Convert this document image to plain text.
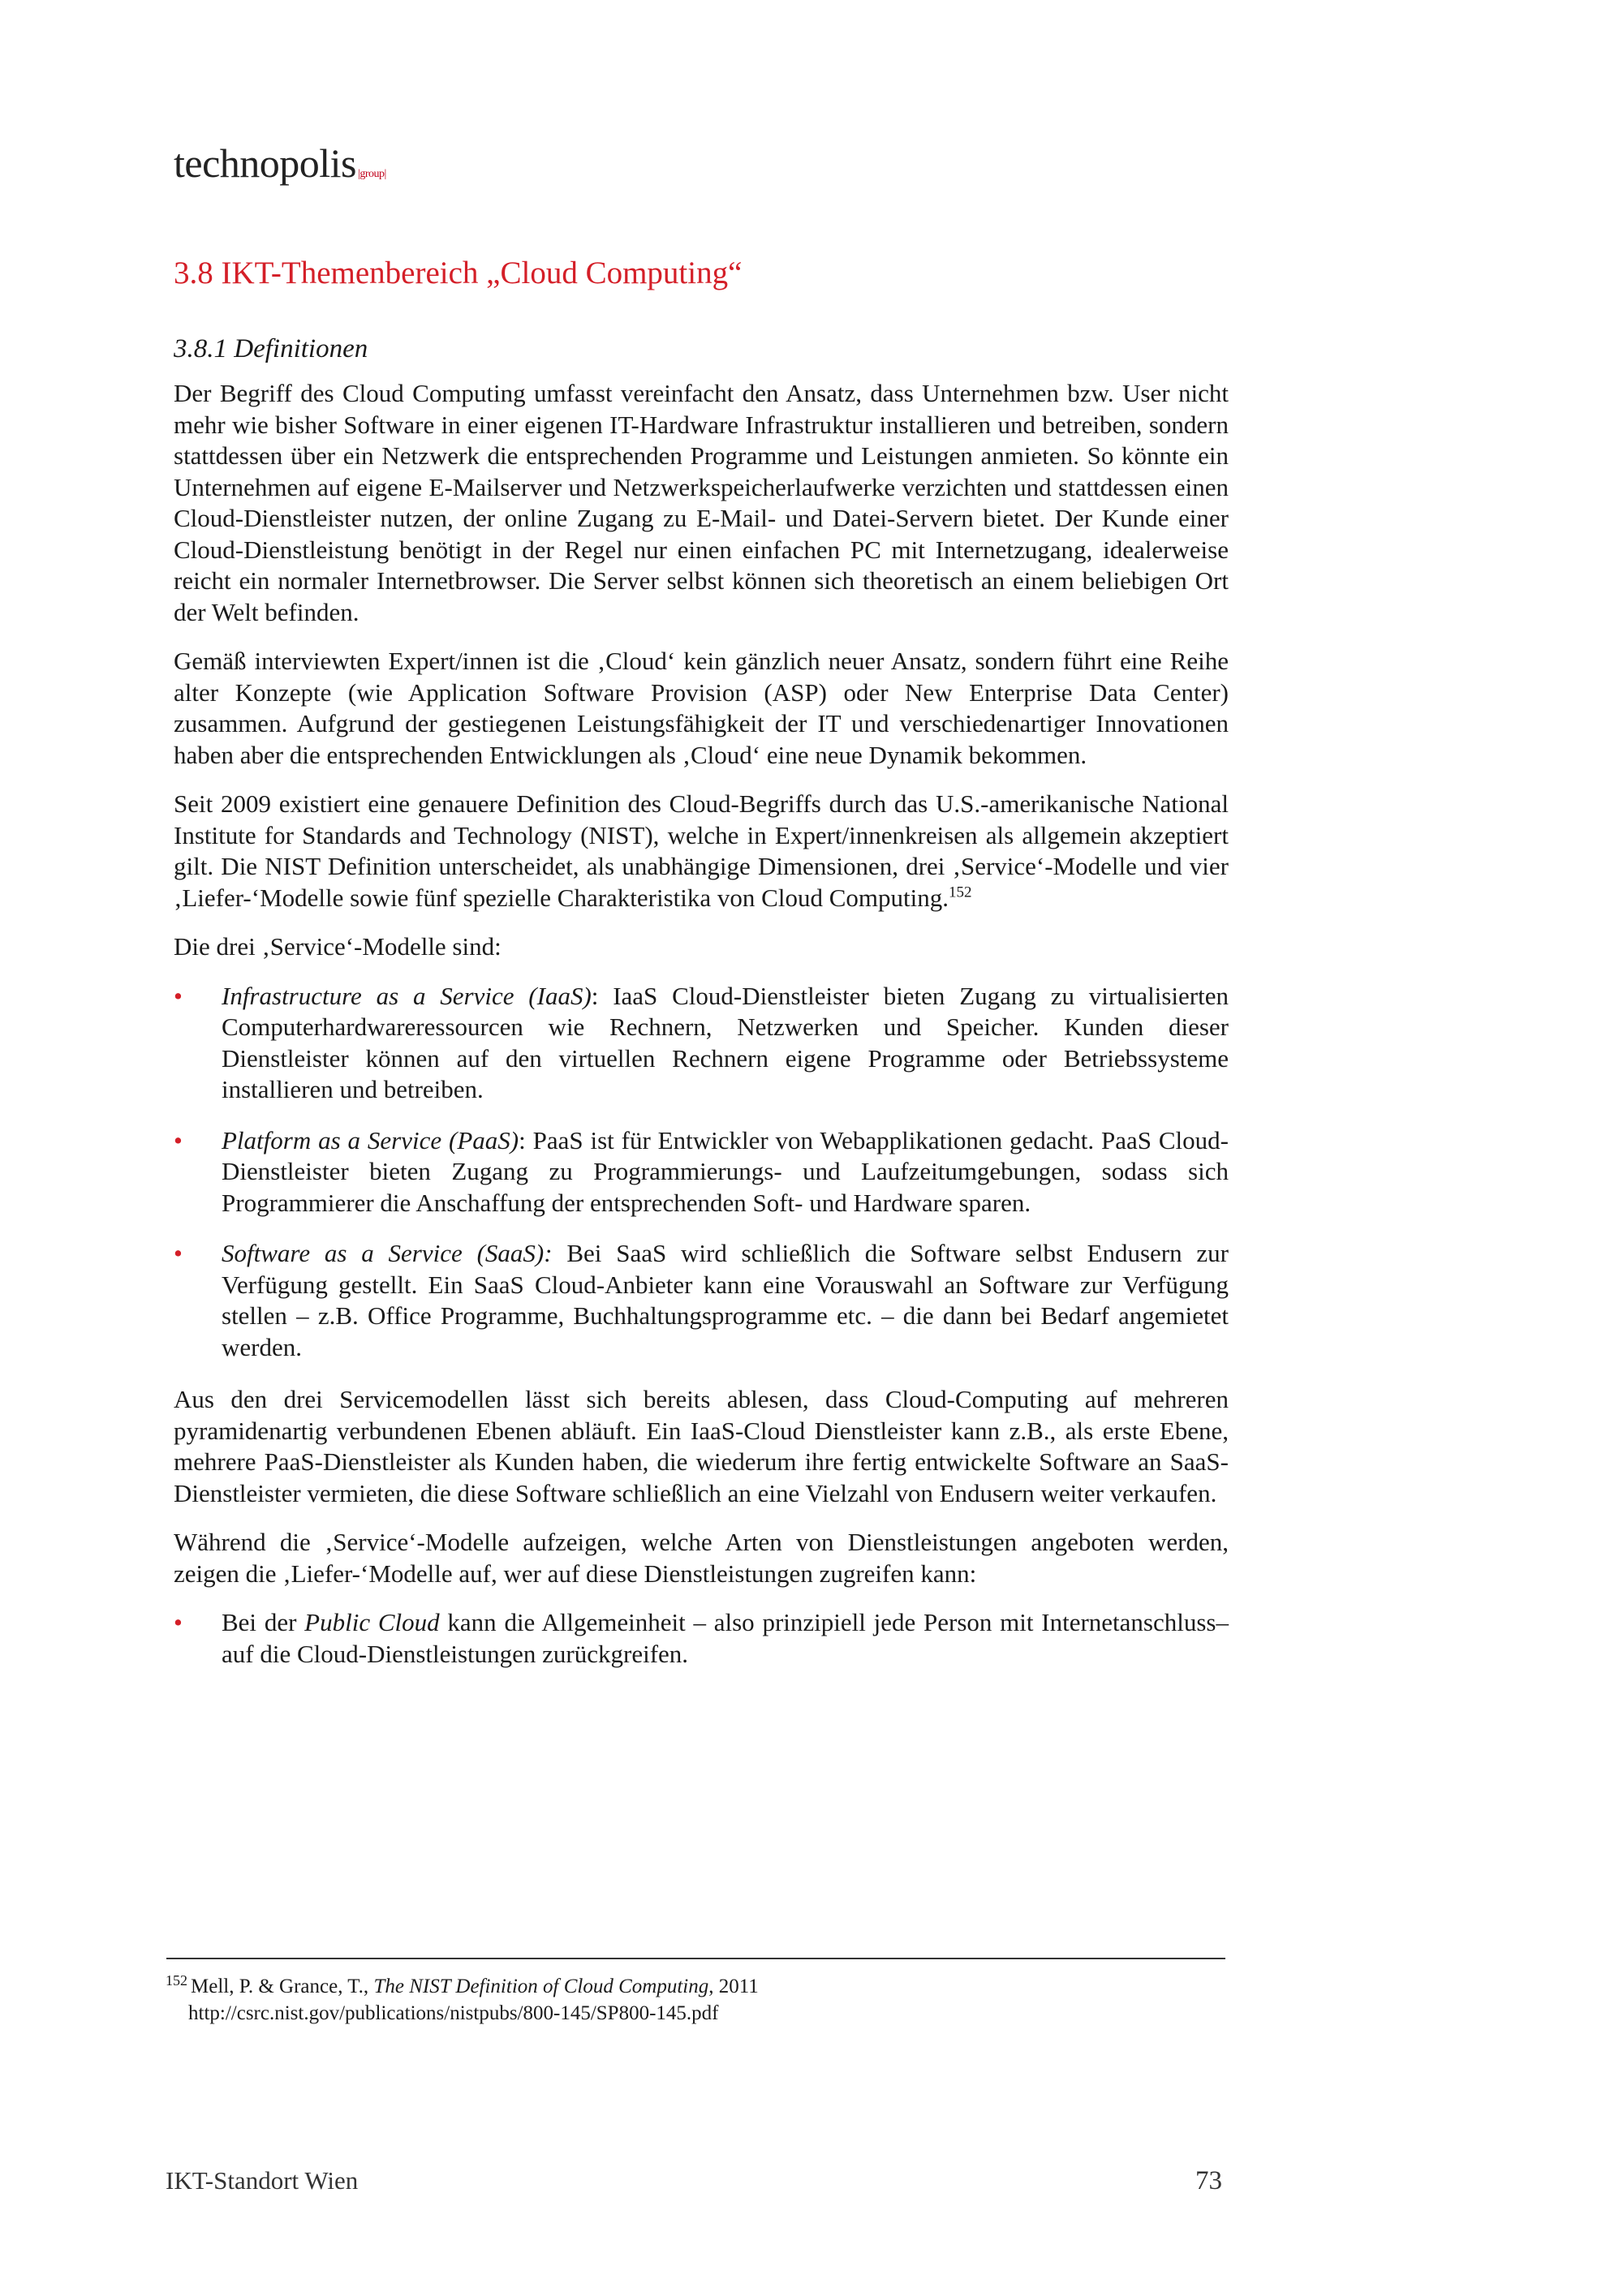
technopolis |group|
3.8 IKT-Themenbereich „Cloud Computing“
3.8.1 Definitionen

Der Begriff des Cloud Computing umfasst vereinfacht den Ansatz, dass Unternehmen bzw. User nicht mehr wie bisher Software in einer eigenen IT-Hardware Infrastruktur installieren und betreiben, sondern stattdessen über ein Netzwerk die entsprechenden Programme und Leistungen anmieten. So könnte ein Unternehmen auf eigene E-Mailserver und Netzwerkspeicherlaufwerke verzichten und stattdessen einen Cloud-Dienstleister nutzen, der online Zugang zu E-Mail- und Datei-Servern bietet. Der Kunde einer Cloud-Dienstleistung benötigt in der Regel nur einen einfachen PC mit Internetzugang, idealerweise reicht ein normaler Internetbrowser. Die Server selbst können sich theoretisch an einem beliebigen Ort der Welt befinden.

Gemäß interviewten Expert/innen ist die ‚Cloud‘ kein gänzlich neuer Ansatz, sondern führt eine Reihe alter Konzepte (wie Application Software Provision (ASP) oder New Enterprise Data Center) zusammen. Aufgrund der gestiegenen Leistungsfähigkeit der IT und verschiedenartiger Innovationen haben aber die entsprechenden Entwicklungen als ‚Cloud‘ eine neue Dynamik bekommen.

Seit 2009 existiert eine genauere Definition des Cloud-Begriffs durch das U.S.-amerikanische National Institute for Standards and Technology (NIST), welche in Expert/innenkreisen als allgemein akzeptiert gilt. Die NIST Definition unterscheidet, als unabhängige Dimensionen, drei ‚Service‘-Modelle und vier ‚Liefer-‘Modelle sowie fünf spezielle Charakteristika von Cloud Computing.$^{152}$

Die drei ‚Service‘-Modelle sind:

• Infrastructure as a Service (IaaS): IaaS Cloud-Dienstleister bieten Zugang zu virtualisierten Computerhardwareressourcen wie Rechnern, Netzwerken und Speicher. Kunden dieser Dienstleister können auf den virtuellen Rechnern eigene Programme oder Betriebssysteme installieren und betreiben.
• Platform as a Service (PaaS): PaaS ist für Entwickler von Webapplikationen gedacht. PaaS Cloud-Dienstleister bieten Zugang zu Programmierungs- und Laufzeitumgebungen, sodass sich Programmierer die Anschaffung der entsprechenden Soft- und Hardware sparen.
• Software as a Service (SaaS): Bei SaaS wird schließlich die Software selbst Endusern zur Verfügung gestellt. Ein SaaS Cloud-Anbieter kann eine Vorauswahl an Software zur Verfügung stellen – z.B. Office Programme, Buchhaltungsprogramme etc. – die dann bei Bedarf angemietet werden.

Aus den drei Servicemodellen lässt sich bereits ablesen, dass Cloud-Computing auf mehreren pyramidenartig verbundenen Ebenen abläuft. Ein IaaS-Cloud Dienstleister kann z.B., als erste Ebene, mehrere PaaS-Dienstleister als Kunden haben, die wiederum ihre fertig entwickelte Software an SaaS-Dienstleister vermieten, die diese Software schließlich an eine Vielzahl von Endusern weiter verkaufen.

Während die ‚Service‘-Modelle aufzeigen, welche Arten von Dienstleistungen angeboten werden, zeigen die ‚Liefer-‘Modelle auf, wer auf diese Dienstleistungen zugreifen kann:

• Bei der Public Cloud kann die Allgemeinheit – also prinzipiell jede Person mit Internetanschluss– auf die Cloud-Dienstleistungen zurückgreifen.
$^{152}$ Mell, P. & Grance, T., The NIST Definition of Cloud Computing, 2011
http://csrc.nist.gov/publications/nistpubs/800-145/SP800-145.pdf
IKT-Standort Wien	73
